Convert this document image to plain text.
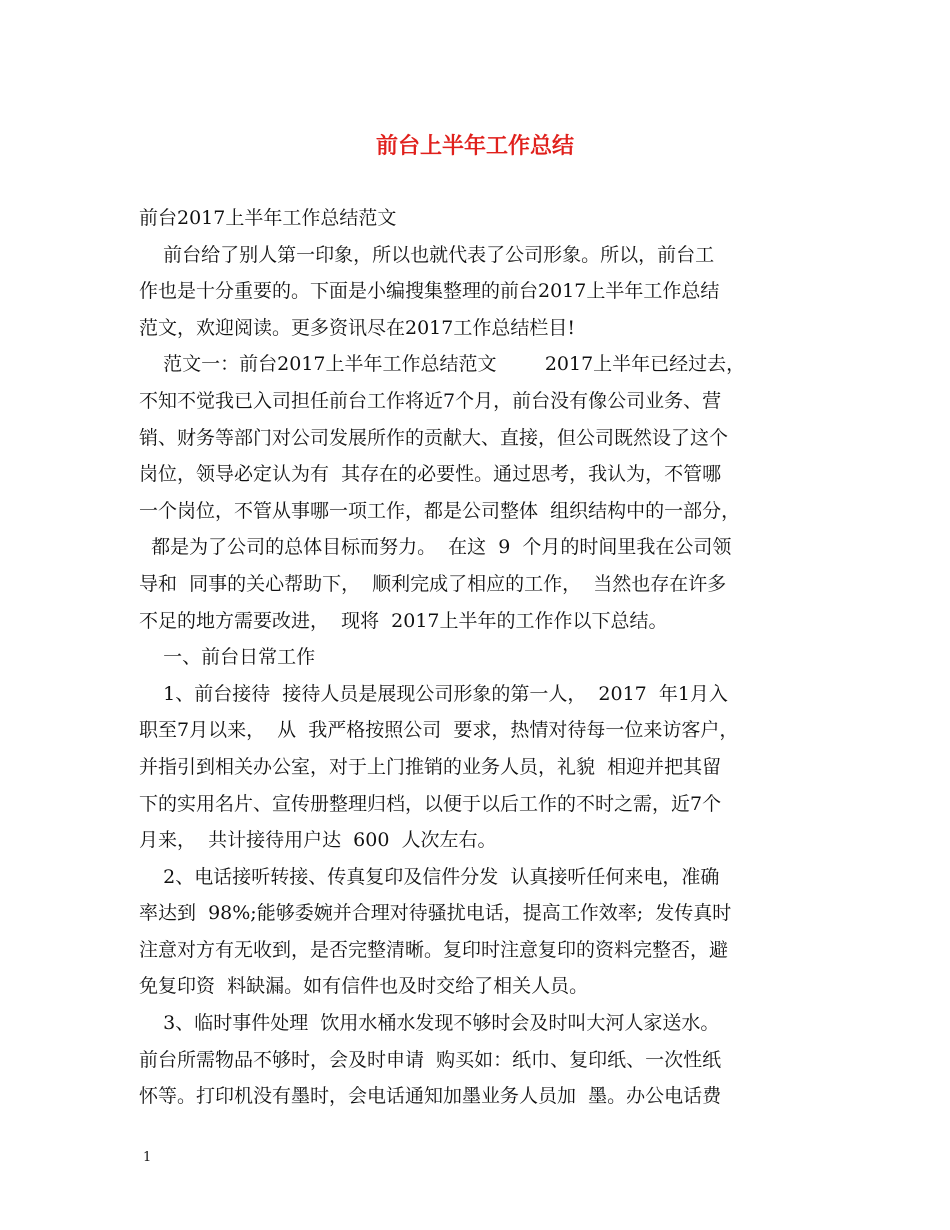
前台上半年工作总结

前台2017上半年工作总结范文

前台给了别人第一印象，所以也就代表了公司形象。所以，前台工

作也是十分重要的。下面是小编搜集整理的前台2017上半年工作总结

范文，欢迎阅读。更多资讯尽在2017工作总结栏目!

范文一：前台2017上半年工作总结范文        2017上半年已经过去，

不知不觉我已入司担任前台工作将近7个月，前台没有像公司业务、营

销、财务等部门对公司发展所作的贡献大、直接，但公司既然设了这个

岗位，领导必定认为有  其存在的必要性。通过思考，我认为，不管哪

一个岗位，不管从事哪一项工作，都是公司整体  组织结构中的一部分，

都是为了公司的总体目标而努力。  在这  9  个月的时间里我在公司领

导和  同事的关心帮助下，  顺利完成了相应的工作，  当然也存在许多

不足的地方需要改进，  现将  2017上半年的工作作以下总结。

一、前台日常工作

1、前台接待  接待人员是展现公司形象的第一人，  2017  年1月入

职至7月以来，  从  我严格按照公司  要求，热情对待每一位来访客户，

并指引到相关办公室，对于上门推销的业务人员，礼貌  相迎并把其留

下的实用名片、宣传册整理归档，以便于以后工作的不时之需，近7个

月来，  共计接待用户达  600  人次左右。

2、电话接听转接、传真复印及信件分发  认真接听任何来电，准确

率达到  98%;能够委婉并合理对待骚扰电话，提高工作效率;  发传真时

注意对方有无收到，是否完整清晰。复印时注意复印的资料完整否，避

免复印资  料缺漏。如有信件也及时交给了相关人员。

3、临时事件处理  饮用水桶水发现不够时会及时叫大河人家送水。

前台所需物品不够时，会及时申请  购买如：纸巾、复印纸、一次性纸

怀等。打印机没有墨时，会电话通知加墨业务人员加  墨。办公电话费

1
